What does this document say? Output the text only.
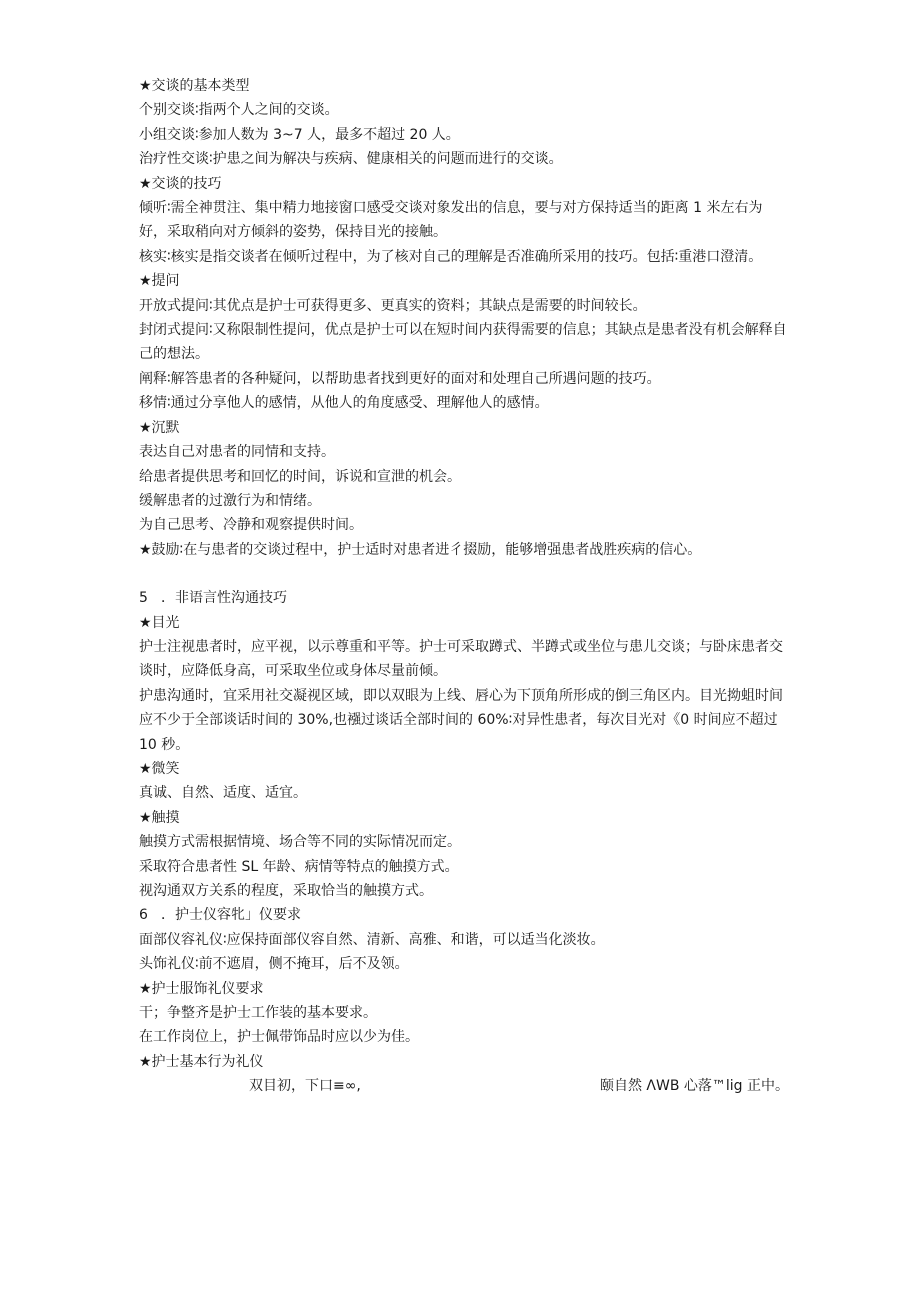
★交谈的基本类型

个别交谈∶指两个人之间的交谈。

小组交谈∶参加人数为 3~7 人，最多不超过 20 人。

治疗性交谈∶护患之间为解决与疾病、健康相关的问题而进行的交谈。

★交谈的技巧

倾听∶需全神贯注、集中精力地接窗口感受交谈对象发出的信息，要与对方保持适当的距离 1 米左右为好，采取稍向对方倾斜的姿势，保持目光的接触。

核实∶核实是指交谈者在倾听过程中，为了核对自己的理解是否准确所采用的技巧。包括∶重港口澄清。

★提问

开放式提问∶其优点是护士可获得更多、更真实的资料；其缺点是需要的时间较长。

封闭式提问∶又称限制性提问，优点是护士可以在短时间内获得需要的信息；其缺点是患者没有机会解释自己的想法。

阐释∶解答患者的各种疑问，以帮助患者找到更好的面对和处理自己所遇问题的技巧。

移情∶通过分享他人的感情，从他人的角度感受、理解他人的感情。

★沉默

表达自己对患者的同情和支持。

给患者提供思考和回忆的时间，诉说和宣泄的机会。

缓解患者的过激行为和情绪。

为自己思考、冷静和观察提供时间。

★鼓励∶在与患者的交谈过程中，护士适时对患者进彳掇励，能够增强患者战胜疾病的信心。

5 ．非语言性沟通技巧

★目光

护士注视患者时，应平视，以示尊重和平等。护士可采取蹲式、半蹲式或坐位与患儿交谈；与卧床患者交谈时，应降低身高，可采取坐位或身体尽量前倾。

护患沟通时，宜采用社交凝视区域，即以双眼为上线、唇心为下顶角所形成的倒三角区内。目光拗蛆时间应不少于全部谈话时间的 30%,也襁过谈话全部时间的 60%∶对异性患者，每次目光对《0 时间应不超过 10 秒。

★微笑

真诚、自然、适度、适宜。

★触摸

触摸方式需根据情境、场合等不同的实际情况而定。

采取符合患者性 SL 年龄、病情等特点的触摸方式。

视沟通双方关系的程度，采取恰当的触摸方式。

6 ．护士仪容牝」仪要求

面部仪容礼仪∶应保持面部仪容自然、清新、高雅、和谐，可以适当化淡妆。

头饰礼仪∶前不遮眉，侧不掩耳，后不及领。

★护士服饰礼仪要求

干；争整齐是护士工作装的基本要求。

在工作岗位上，护士佩带饰品时应以少为佳。

★护士基本行为礼仪

双目初，下口≡∞,	颐自然 ΛWB 心落™lig 正中。
